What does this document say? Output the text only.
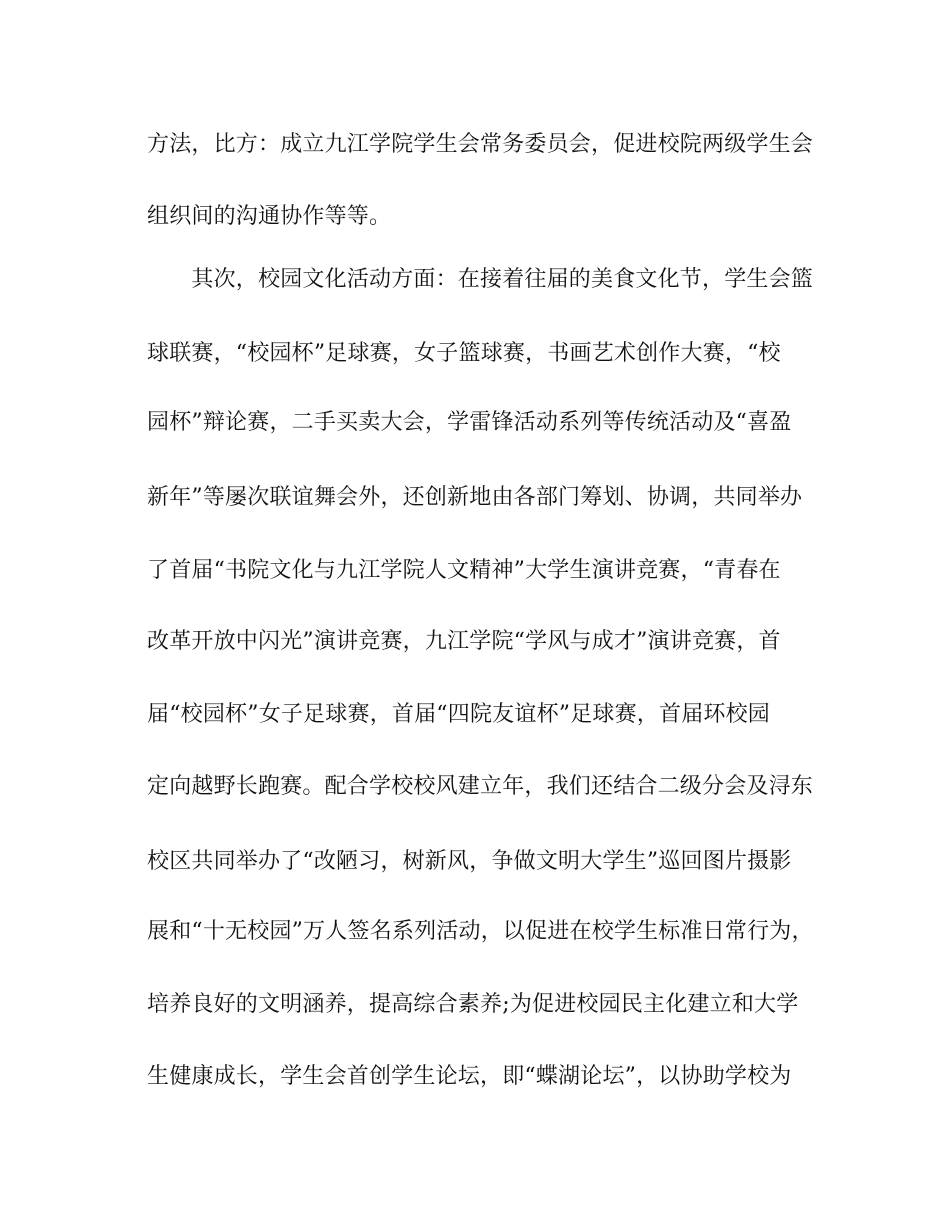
方法，比方：成立九江学院学生会常务委员会，促进校院两级学生会
组织间的沟通协作等等。
　　其次，校园文化活动方面：在接着往届的美食文化节，学生会篮
球联赛，“校园杯”足球赛，女子篮球赛，书画艺术创作大赛，“校
园杯”辩论赛，二手买卖大会，学雷锋活动系列等传统活动及“喜盈
新年”等屡次联谊舞会外，还创新地由各部门筹划、协调，共同举办
了首届“书院文化与九江学院人文精神”大学生演讲竞赛，“青春在
改革开放中闪光”演讲竞赛，九江学院“学风与成才”演讲竞赛，首
届“校园杯”女子足球赛，首届“四院友谊杯”足球赛，首届环校园
定向越野长跑赛。配合学校校风建立年，我们还结合二级分会及浔东
校区共同举办了“改陋习，树新风，争做文明大学生”巡回图片摄影
展和“十无校园”万人签名系列活动，以促进在校学生标准日常行为，
培养良好的文明涵养，提高综合素养;为促进校园民主化建立和大学
生健康成长，学生会首创学生论坛，即“蝶湖论坛”，以协助学校为
